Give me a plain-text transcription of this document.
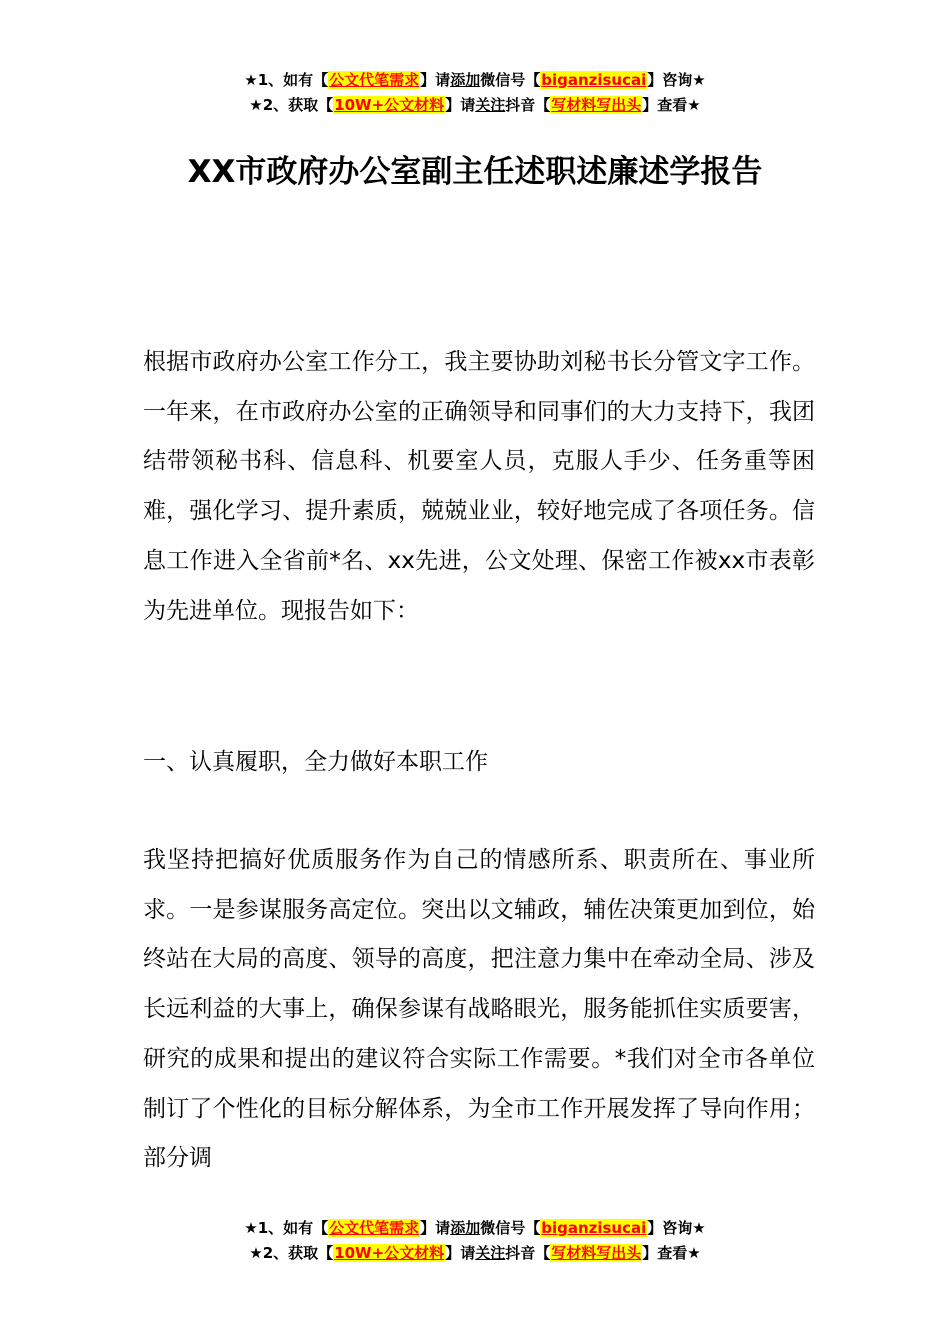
★1、如有【公文代笔需求】请添加微信号【biganzisucai】咨询★
★2、获取【10W+公文材料】请关注抖音【写材料写出头】查看★
XX市政府办公室副主任述职述廉述学报告

根据市政府办公室工作分工，我主要协助刘秘书长分管文字工作。一年来，在市政府办公室的正确领导和同事们的大力支持下，我团结带领秘书科、信息科、机要室人员，克服人手少、任务重等困难，强化学习、提升素质，兢兢业业，较好地完成了各项任务。信息工作进入全省前*名、xx先进，公文处理、保密工作被xx市表彰为先进单位。现报告如下：

一、认真履职，全力做好本职工作

我坚持把搞好优质服务作为自己的情感所系、职责所在、事业所求。一是参谋服务高定位。突出以文辅政，辅佐决策更加到位，始终站在大局的高度、领导的高度，把注意力集中在牵动全局、涉及长远利益的大事上，确保参谋有战略眼光，服务能抓住实质要害，研究的成果和提出的建议符合实际工作需要。*我们对全市各单位制订了个性化的目标分解体系，为全市工作开展发挥了导向作用；部分调

★1、如有【公文代笔需求】请添加微信号【biganzisucai】咨询★
★2、获取【10W+公文材料】请关注抖音【写材料写出头】查看★
